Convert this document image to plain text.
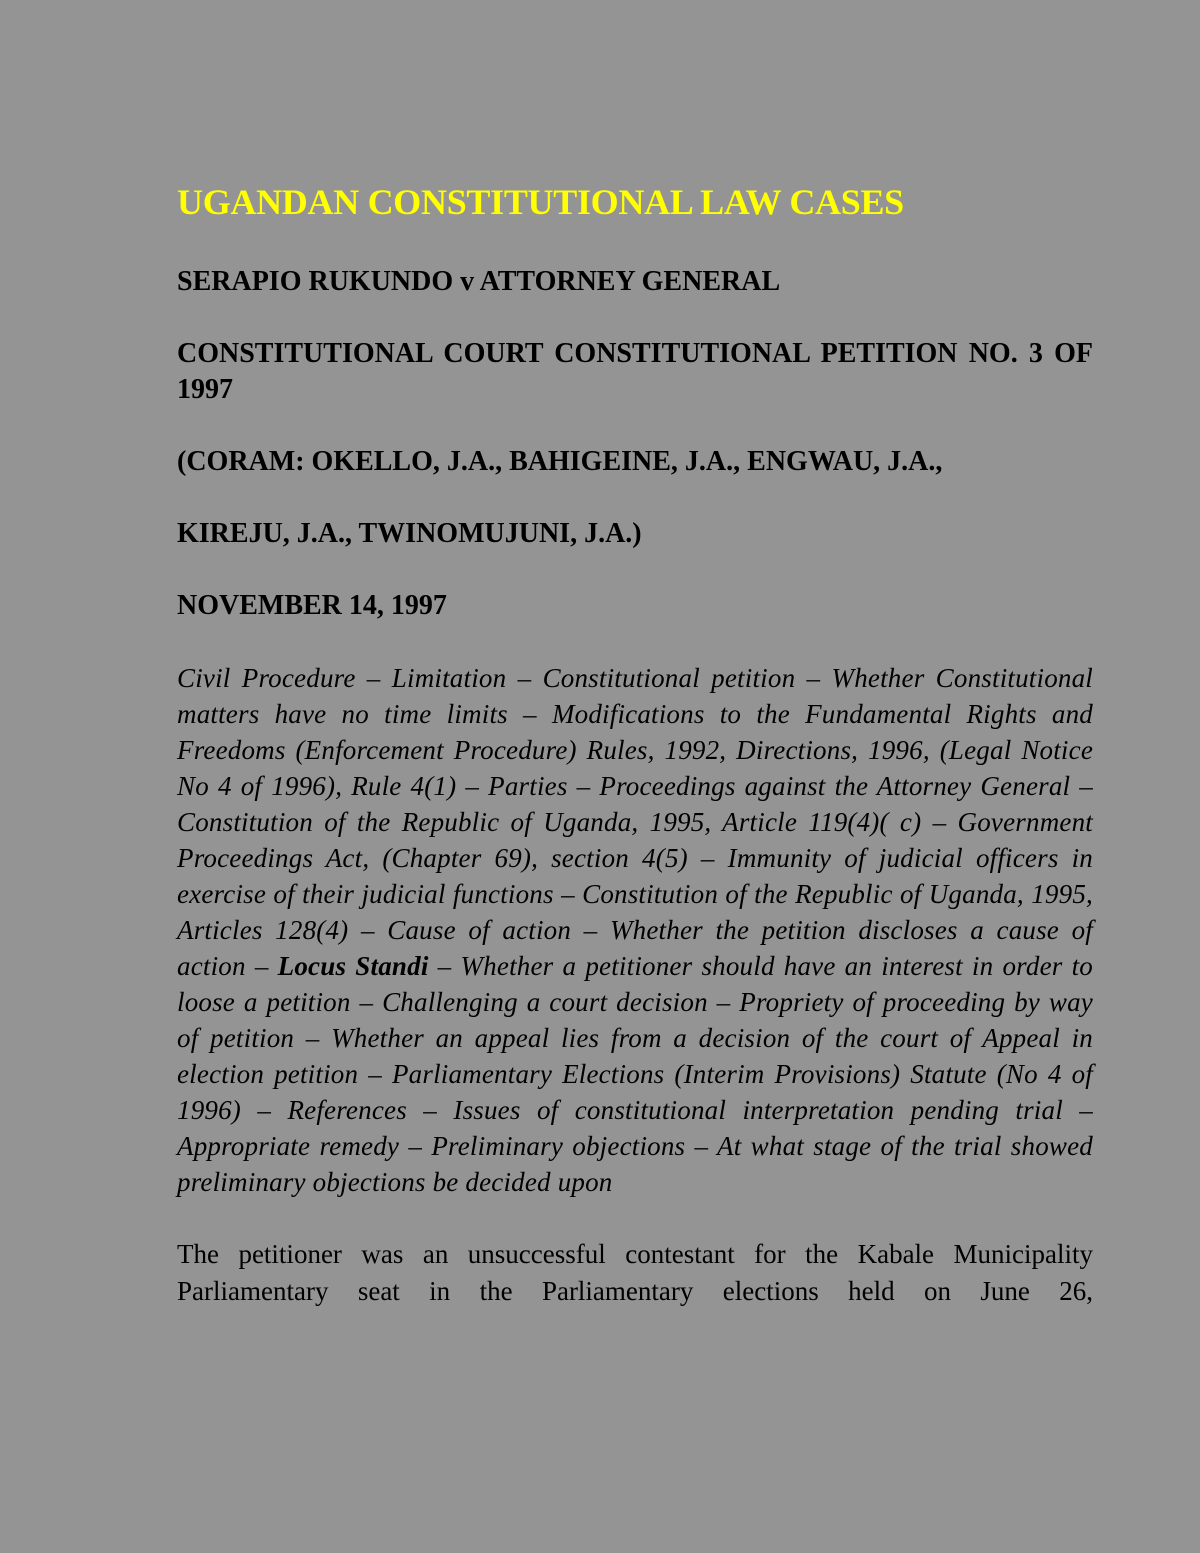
UGANDAN CONSTITUTIONAL LAW CASES

SERAPIO RUKUNDO v ATTORNEY GENERAL

CONSTITUTIONAL COURT CONSTITUTIONAL PETITION NO. 3 OF 1997

(CORAM: OKELLO, J.A., BAHIGEINE, J.A., ENGWAU, J.A.,

KIREJU, J.A., TWINOMUJUNI, J.A.)

NOVEMBER 14, 1997

Civil Procedure – Limitation – Constitutional petition – Whether Constitutional matters have no time limits – Modifications to the Fundamental Rights and Freedoms (Enforcement Procedure) Rules, 1992, Directions, 1996, (Legal Notice No 4 of 1996), Rule 4(1) – Parties – Proceedings against the Attorney General – Constitution of the Republic of Uganda, 1995, Article 119(4)( c) – Government Proceedings Act, (Chapter 69), section 4(5) – Immunity of judicial officers in exercise of their judicial functions – Constitution of the Republic of Uganda, 1995, Articles 128(4) – Cause of action – Whether the petition discloses a cause of action – Locus Standi – Whether a petitioner should have an interest in order to loose a petition – Challenging a court decision – Propriety of proceeding by way of petition – Whether an appeal lies from a decision of the court of Appeal in election petition – Parliamentary Elections (Interim Provisions) Statute (No 4 of 1996) – References – Issues of constitutional interpretation pending trial – Appropriate remedy – Preliminary objections – At what stage of the trial showed preliminary objections be decided upon

The petitioner was an unsuccessful contestant for the Kabale Municipality Parliamentary seat in the Parliamentary elections held on June 26,
